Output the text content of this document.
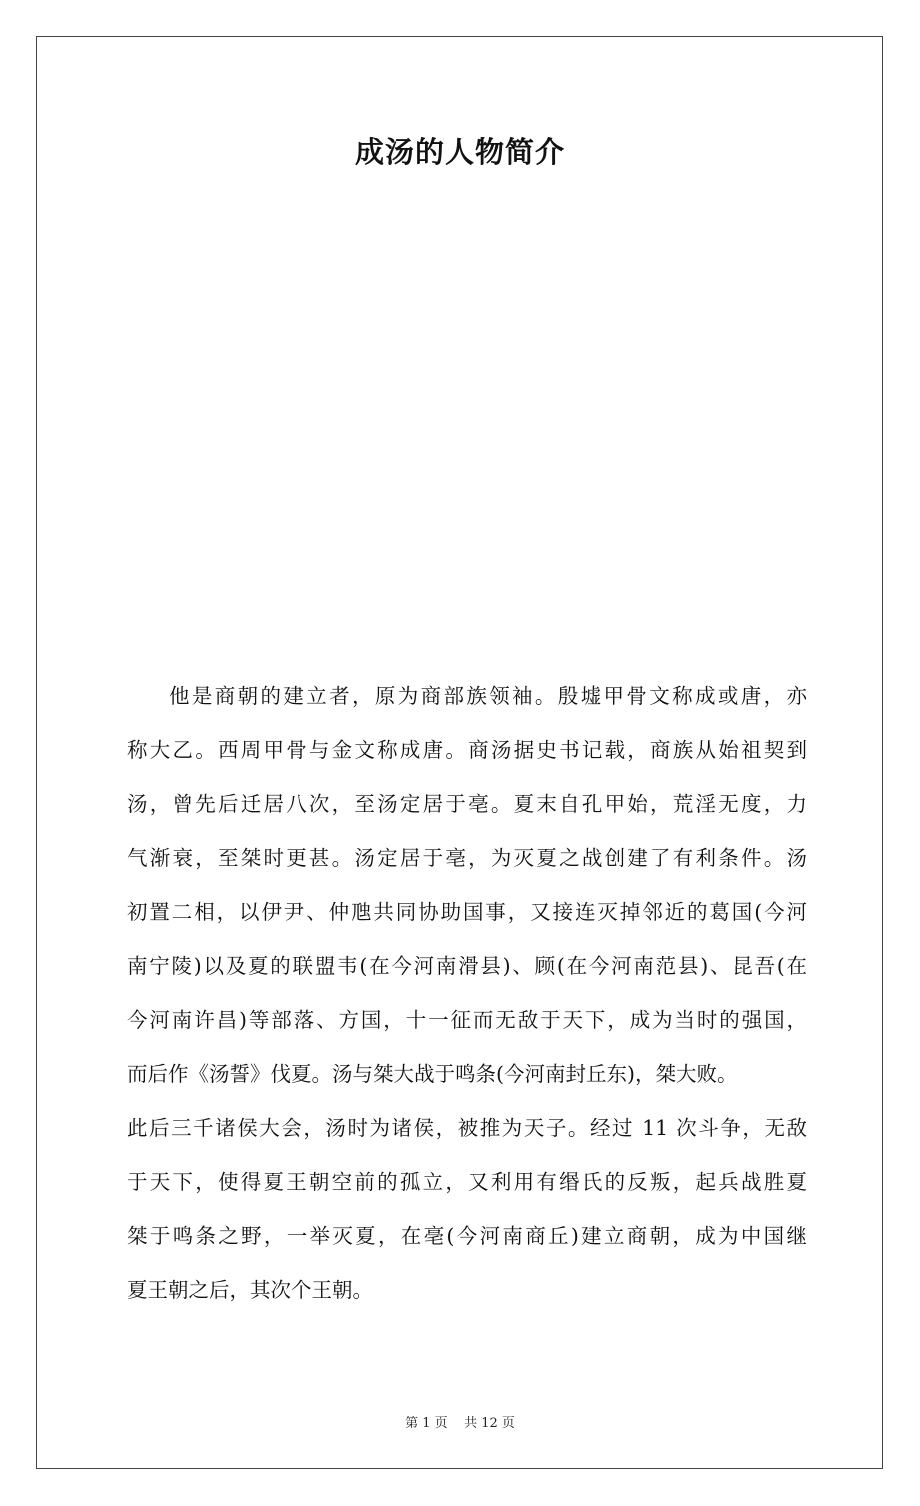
成汤的人物简介
他是商朝的建立者，原为商部族领袖。殷墟甲骨文称成或唐，亦
称大乙。西周甲骨与金文称成唐。商汤据史书记载，商族从始祖契到
汤，曾先后迁居八次，至汤定居于亳。夏末自孔甲始，荒淫无度，力
气渐衰，至桀时更甚。汤定居于亳，为灭夏之战创建了有利条件。汤
初置二相，以伊尹、仲虺共同协助国事，又接连灭掉邻近的葛国(今河
南宁陵)以及夏的联盟韦(在今河南滑县)、顾(在今河南范县)、昆吾(在
今河南许昌)等部落、方国，十一征而无敌于天下，成为当时的强国，
而后作《汤誓》伐夏。汤与桀大战于鸣条(今河南封丘东)，桀大败。
此后三千诸侯大会，汤时为诸侯，被推为天子。经过 11 次斗争，无敌
于天下，使得夏王朝空前的孤立，又利用有缗氏的反叛，起兵战胜夏
桀于鸣条之野，一举灭夏，在亳(今河南商丘)建立商朝，成为中国继
夏王朝之后，其次个王朝。
第 1 页    共 12 页
